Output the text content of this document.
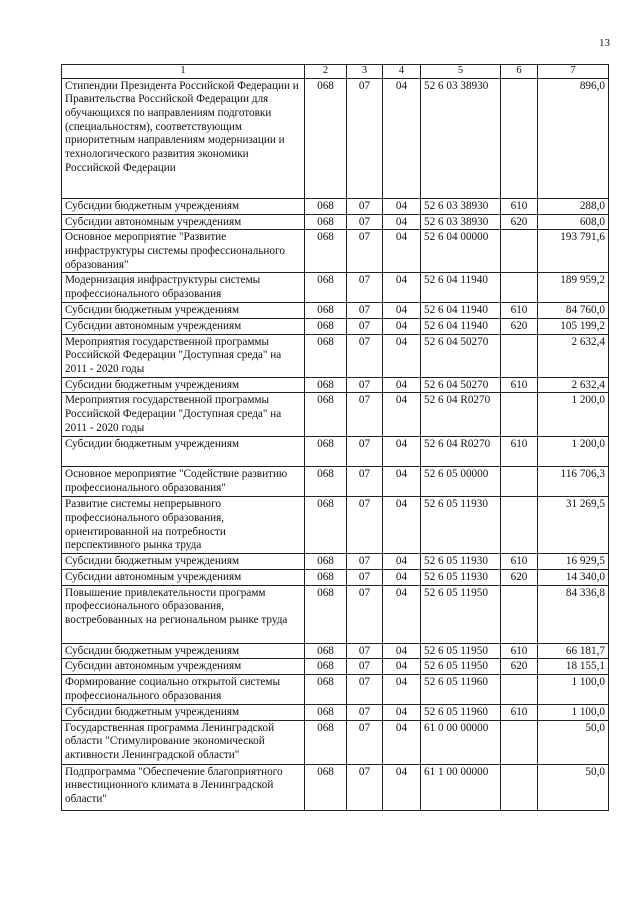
13
1	2	3	4	5	6	7
Стипендии Президента Российской Федерации и Правительства Российской Федерации для обучающихся по направлениям подготовки (специальностям), соответствующим приоритетным направлениям модернизации и технологического развития экономики Российской Федерации	068	07	04	52 6 03 38930		896,0
Субсидии бюджетным учреждениям	068	07	04	52 6 03 38930	610	288,0
Субсидии автономным учреждениям	068	07	04	52 6 03 38930	620	608,0
Основное мероприятие "Развитие инфраструктуры системы профессионального образования"	068	07	04	52 6 04 00000		193 791,6
Модернизация инфраструктуры системы профессионального образования	068	07	04	52 6 04 11940		189 959,2
Субсидии бюджетным учреждениям	068	07	04	52 6 04 11940	610	84 760,0
Субсидии автономным учреждениям	068	07	04	52 6 04 11940	620	105 199,2
Мероприятия государственной программы Российской Федерации "Доступная среда" на 2011 - 2020 годы	068	07	04	52 6 04 50270		2 632,4
Субсидии бюджетным учреждениям	068	07	04	52 6 04 50270	610	2 632,4
Мероприятия государственной программы Российской Федерации "Доступная среда" на 2011 - 2020 годы	068	07	04	52 6 04 R0270		1 200,0
Субсидии бюджетным учреждениям	068	07	04	52 6 04 R0270	610	1 200,0
Основное мероприятие "Содействие развитию профессионального образования"	068	07	04	52 6 05 00000		116 706,3
Развитие системы непрерывного профессионального образования, ориентированной на потребности перспективного рынка труда	068	07	04	52 6 05 11930		31 269,5
Субсидии бюджетным учреждениям	068	07	04	52 6 05 11930	610	16 929,5
Субсидии автономным учреждениям	068	07	04	52 6 05 11930	620	14 340,0
Повышение привлекательности программ профессионального образования, востребованных на региональном рынке труда	068	07	04	52 6 05 11950		84 336,8
Субсидии бюджетным учреждениям	068	07	04	52 6 05 11950	610	66 181,7
Субсидии автономным учреждениям	068	07	04	52 6 05 11950	620	18 155,1
Формирование социально открытой системы профессионального образования	068	07	04	52 6 05 11960		1 100,0
Субсидии бюджетным учреждениям	068	07	04	52 6 05 11960	610	1 100,0
Государственная программа Ленинградской области "Стимулирование экономической активности Ленинградской области"	068	07	04	61 0 00 00000		50,0
Подпрограмма "Обеспечение благоприятного инвестиционного климата в Ленинградской области"	068	07	04	61 1 00 00000		50,0
